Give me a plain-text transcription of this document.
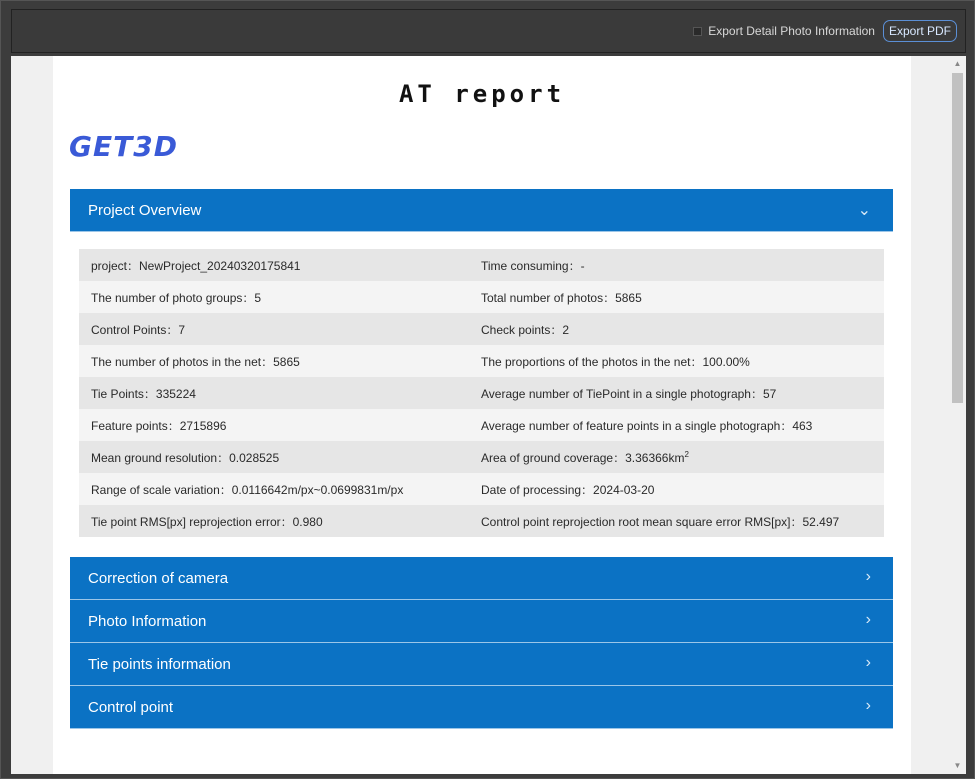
Export Detail Photo Information	Export PDF
AT report
GET3D
Project Overview	⌄
project：NewProject_20240320175841	Time consuming：-
The number of photo groups：5	Total number of photos：5865
Control Points：7	Check points：2
The number of photos in the net：5865	The proportions of the photos in the net：100.00%
Tie Points：335224	Average number of TiePoint in a single photograph：57
Feature points：2715896	Average number of feature points in a single photograph：463
Mean ground resolution：0.028525	Area of ground coverage：$3.36366km^2$
Range of scale variation：0.0116642m/px~0.0699831m/px	Date of processing：2024-03-20
Tie point RMS[px] reprojection error：0.980	Control point reprojection root mean square error RMS[px]：52.497
Correction of camera	›
Photo Information	›
Tie points information	›
Control point	›
▲
▼
